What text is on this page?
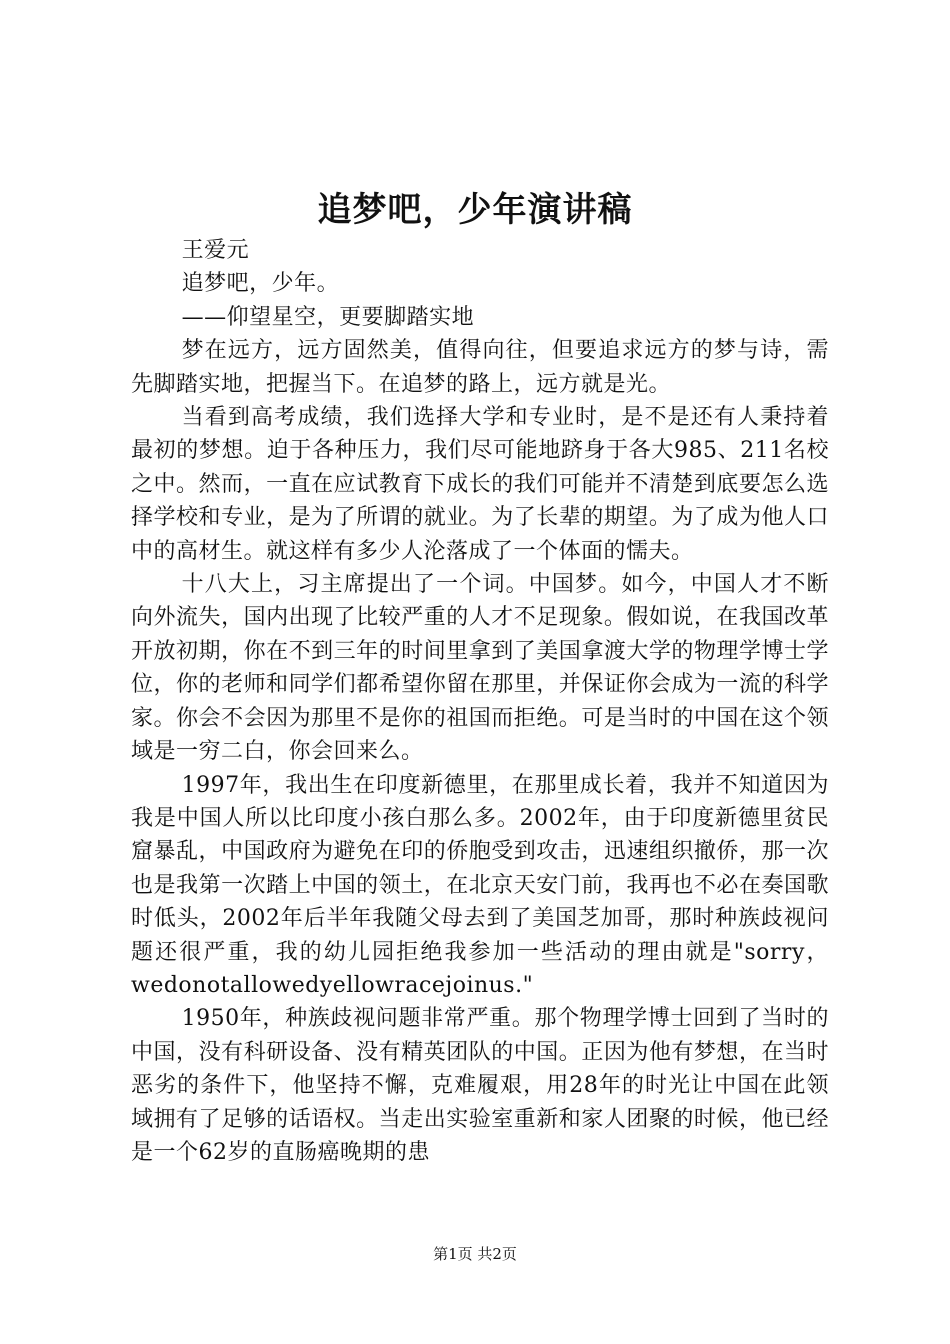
追梦吧，少年演讲稿

王爱元

追梦吧，少年。

——仰望星空，更要脚踏实地

梦在远方，远方固然美，值得向往，但要追求远方的梦与诗，需先脚踏实地，把握当下。在追梦的路上，远方就是光。

当看到高考成绩，我们选择大学和专业时，是不是还有人秉持着最初的梦想。迫于各种压力，我们尽可能地跻身于各大985、211名校之中。然而，一直在应试教育下成长的我们可能并不清楚到底要怎么选择学校和专业，是为了所谓的就业。为了长辈的期望。为了成为他人口中的高材生。就这样有多少人沦落成了一个体面的懦夫。

十八大上，习主席提出了一个词。中国梦。如今，中国人才不断向外流失，国内出现了比较严重的人才不足现象。假如说，在我国改革开放初期，你在不到三年的时间里拿到了美国拿渡大学的物理学博士学位，你的老师和同学们都希望你留在那里，并保证你会成为一流的科学家。你会不会因为那里不是你的祖国而拒绝。可是当时的中国在这个领域是一穷二白，你会回来么。

1997年，我出生在印度新德里，在那里成长着，我并不知道因为我是中国人所以比印度小孩白那么多。2002年，由于印度新德里贫民窟暴乱，中国政府为避免在印的侨胞受到攻击，迅速组织撤侨，那一次也是我第一次踏上中国的领土，在北京天安门前，我再也不必在奏国歌时低头，2002年后半年我随父母去到了美国芝加哥，那时种族歧视问题还很严重，我的幼儿园拒绝我参加一些活动的理由就是"sorry，wedonotallowedyellowracejoinus."

1950年，种族歧视问题非常严重。那个物理学博士回到了当时的中国，没有科研设备、没有精英团队的中国。正因为他有梦想，在当时恶劣的条件下，他坚持不懈，克难履艰，用28年的时光让中国在此领域拥有了足够的话语权。当走出实验室重新和家人团聚的时候，他已经是一个62岁的直肠癌晚期的患

第1页 共2页
